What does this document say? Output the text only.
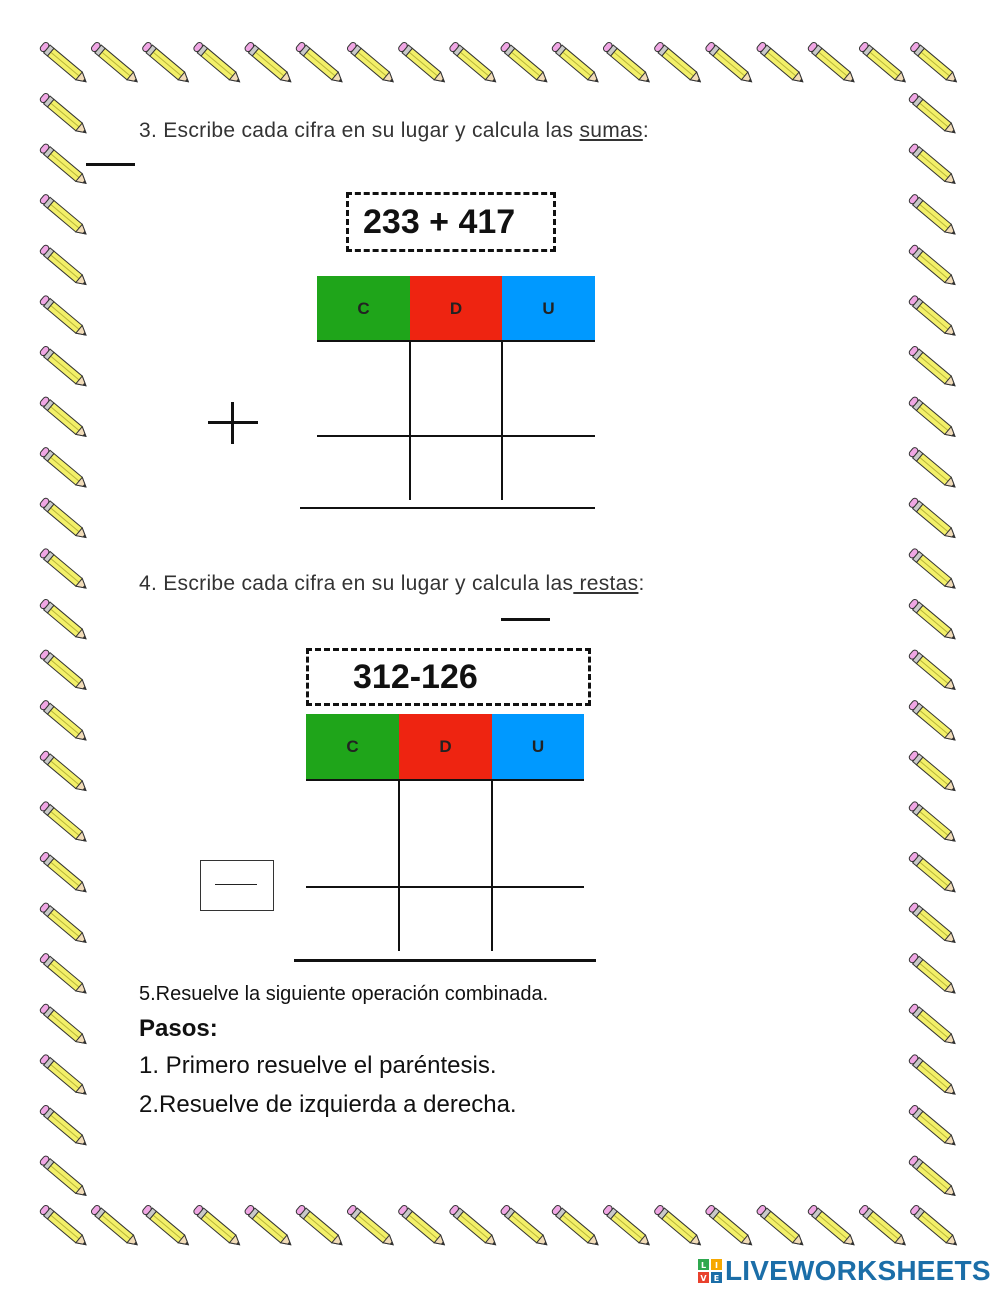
3. Escribe cada cifra en su lugar y calcula las sumas:
233 + 417
C	D	U
4. Escribe cada cifra en su lugar y calcula las restas:
312-126
C	D	U
5.Resuelve la siguiente operación combinada.
Pasos:
1. Primero resuelve el paréntesis.
2.Resuelve de izquierda a derecha.
L I
V E LIVEWORKSHEETS
